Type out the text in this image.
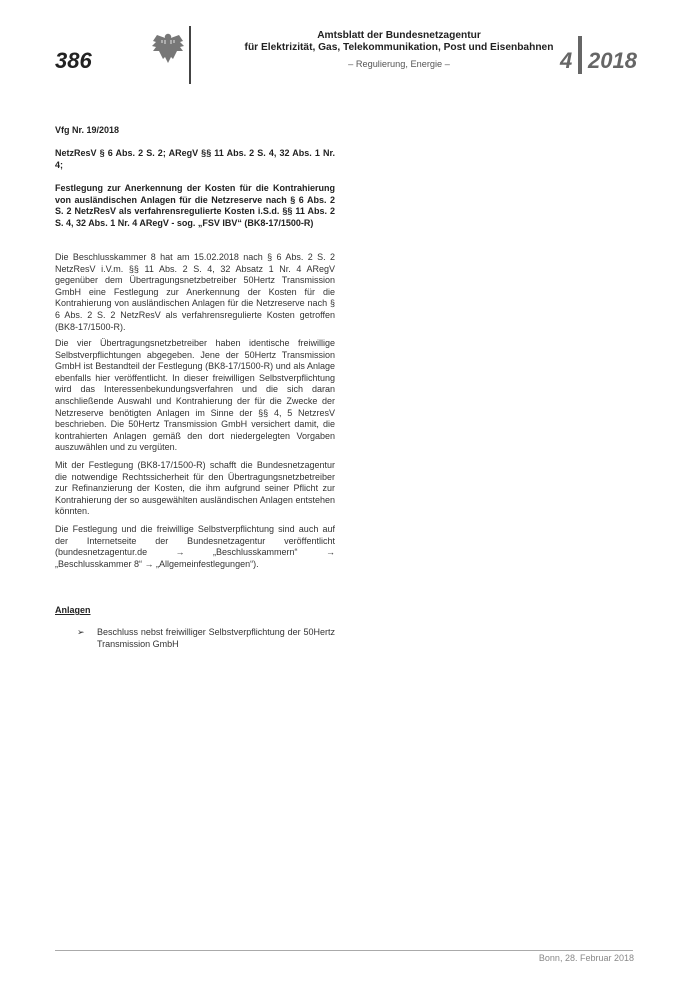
386
Amtsblatt der Bundesnetzagentur
für Elektrizität, Gas, Telekommunikation, Post und Eisenbahnen
– Regulierung, Energie –	4 2018

Vfg Nr. 19/2018

NetzResV § 6 Abs. 2 S. 2; ARegV §§ 11 Abs. 2 S. 4, 32 Abs. 1 Nr. 4;

Festlegung zur Anerkennung der Kosten für die Kontrahierung von ausländischen Anlagen für die Netzreserve nach § 6 Abs. 2 S. 2 NetzResV als verfahrensregulierte Kosten i.S.d. §§ 11 Abs. 2 S. 4, 32 Abs. 1 Nr. 4 ARegV - sog. „FSV IBV“ (BK8-17/1500-R)

Die Beschlusskammer 8 hat am 15.02.2018 nach § 6 Abs. 2 S. 2 NetzResV i.V.m. §§ 11 Abs. 2 S. 4, 32 Absatz 1 Nr. 4 ARegV gegenüber dem Übertragungsnetzbetreiber 50Hertz Transmission GmbH eine Festlegung zur Anerkennung der Kosten für die Kontrahierung von ausländischen Anlagen für die Netzreserve nach § 6 Abs. 2 S. 2 NetzResV als verfahrensregulierte Kosten getroffen (BK8-17/1500-R).

Die vier Übertragungsnetzbetreiber haben identische freiwillige Selbstverpflichtungen abgegeben. Jene der 50Hertz Transmission GmbH ist Bestandteil der Festlegung (BK8-17/1500-R) und als Anlage ebenfalls hier veröffentlicht. In dieser freiwilligen Selbstverpflichtung wird das Interessenbekundungsverfahren und die sich daran anschließende Auswahl und Kontrahierung der für die Zwecke der Netzreserve benötigten Anlagen im Sinne der §§ 4, 5 NetzresV beschrieben. Die 50Hertz Transmission GmbH versichert damit, die kontrahierten Anlagen gemäß den dort niedergelegten Vorgaben auszuwählen und zu vergüten.

Mit der Festlegung (BK8-17/1500-R) schafft die Bundesnetzagentur die notwendige Rechtssicherheit für den Übertragungsnetzbetreiber zur Refinanzierung der Kosten, die ihm aufgrund seiner Pflicht zur Kontrahierung der so ausgewählten ausländischen Anlagen entstehen könnten.

Die Festlegung und die freiwillige Selbstverpflichtung sind auch auf der Internetseite der Bundesnetzagentur veröffentlicht (bundesnetzagentur.de → „Beschlusskammern“ → „Beschlusskammer 8“ → „Allgemeinfestlegungen“).

Anlagen

➢ Beschluss nebst freiwilliger Selbstverpflichtung der 50Hertz Transmission GmbH
Bonn, 28. Februar 2018
